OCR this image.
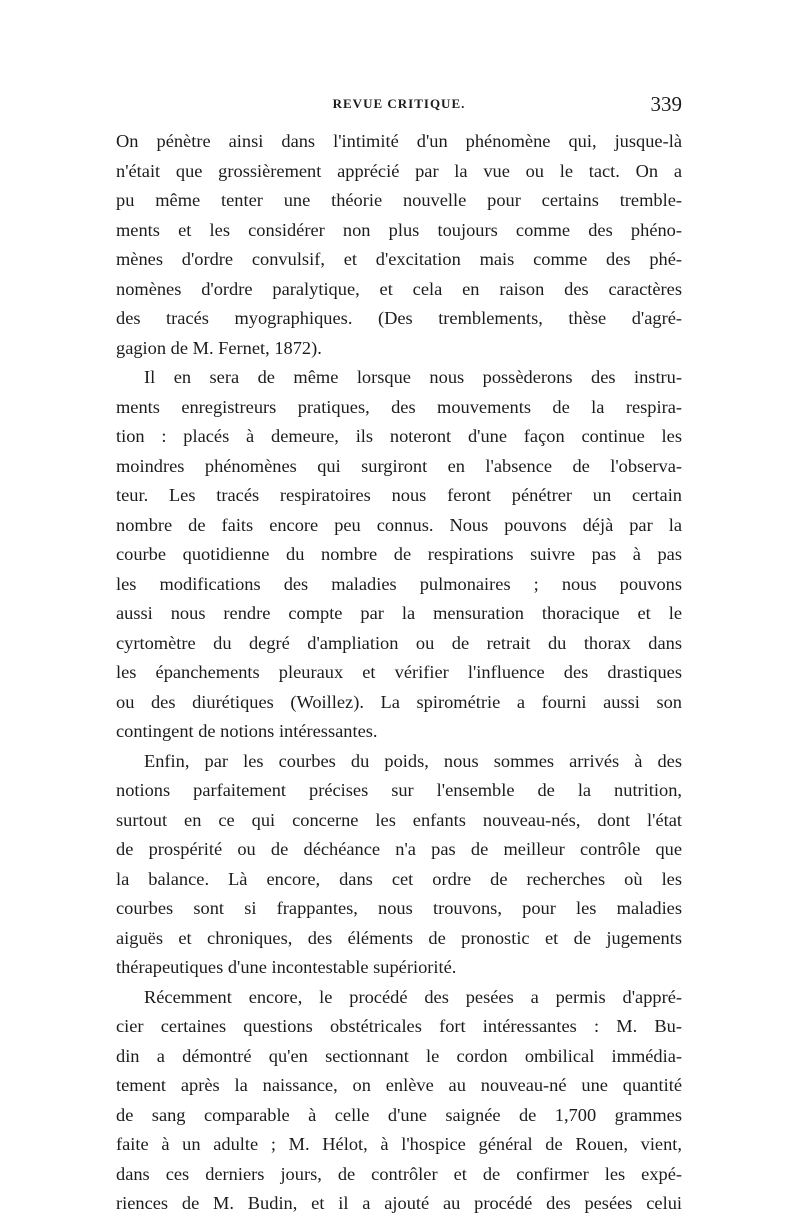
REVUE CRITIQUE.	339
On pénètre ainsi dans l'intimité d'un phénomène qui, jusque-là
n'était que grossièrement apprécié par la vue ou le tact. On a
pu même tenter une théorie nouvelle pour certains tremble-
ments et les considérer non plus toujours comme des phéno-
mènes d'ordre convulsif, et d'excitation mais comme des phé-
nomènes d'ordre paralytique, et cela en raison des caractères
des tracés myographiques. (Des tremblements, thèse d'agré-
gagion de M. Fernet, 1872).
Il en sera de même lorsque nous possèderons des instru-
ments enregistreurs pratiques, des mouvements de la respira-
tion : placés à demeure, ils noteront d'une façon continue les
moindres phénomènes qui surgiront en l'absence de l'observa-
teur. Les tracés respiratoires nous feront pénétrer un certain
nombre de faits encore peu connus. Nous pouvons déjà par la
courbe quotidienne du nombre de respirations suivre pas à pas
les modifications des maladies pulmonaires ; nous pouvons
aussi nous rendre compte par la mensuration thoracique et le
cyrtomètre du degré d'ampliation ou de retrait du thorax dans
les épanchements pleuraux et vérifier l'influence des drastiques
ou des diurétiques (Woillez). La spirométrie a fourni aussi son
contingent de notions intéressantes.
Enfin, par les courbes du poids, nous sommes arrivés à des
notions parfaitement précises sur l'ensemble de la nutrition,
surtout en ce qui concerne les enfants nouveau-nés, dont l'état
de prospérité ou de déchéance n'a pas de meilleur contrôle que
la balance. Là encore, dans cet ordre de recherches où les
courbes sont si frappantes, nous trouvons, pour les maladies
aiguës et chroniques, des éléments de pronostic et de jugements
thérapeutiques d'une incontestable supériorité.
Récemment encore, le procédé des pesées a permis d'appré-
cier certaines questions obstétricales fort intéressantes : M. Bu-
din a démontré qu'en sectionnant le cordon ombilical immédia-
tement après la naissance, on enlève au nouveau-né une quantité
de sang comparable à celle d'une saignée de 1,700 grammes
faite à un adulte ; M. Hélot, à l'hospice général de Rouen, vient,
dans ces derniers jours, de contrôler et de confirmer les expé-
riences de M. Budin, et il a ajouté au procédé des pesées celui
